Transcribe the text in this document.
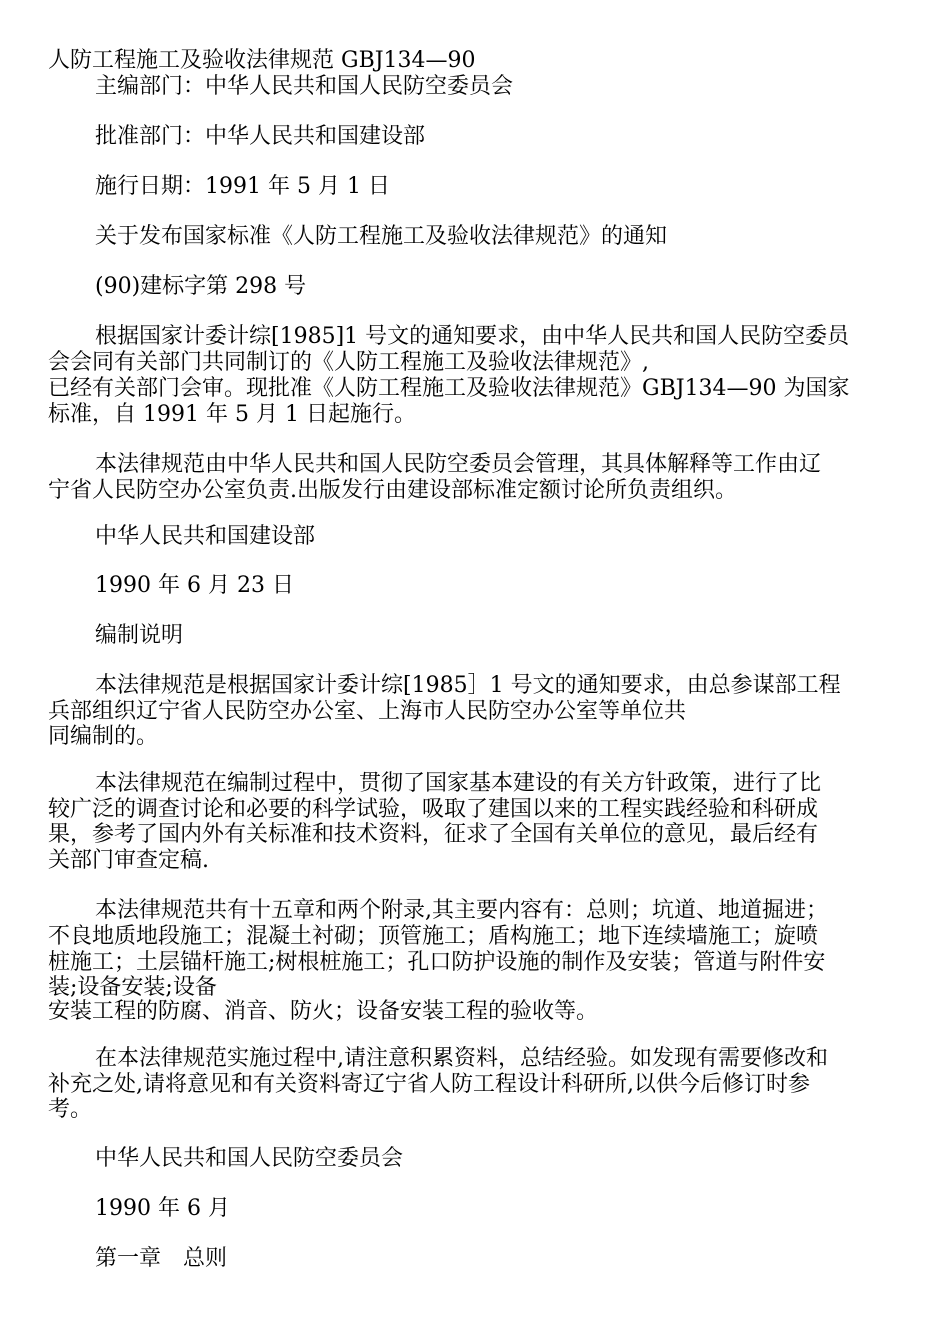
人防工程施工及验收法律规范 GBJ134—90

主编部门：中华人民共和国人民防空委员会

批准部门：中华人民共和国建设部

施行日期：1991 年 5 月 1 日

关于发布国家标准《人防工程施工及验收法律规范》的通知

(90)建标字第 298 号

根据国家计委计综[1985]1 号文的通知要求，由中华人民共和国人民防空委员

会会同有关部门共同制订的《人防工程施工及验收法律规范》,

已经有关部门会审。现批准《人防工程施工及验收法律规范》GBJ134—90 为国家

标准，自 1991 年 5 月 1 日起施行。

本法律规范由中华人民共和国人民防空委员会管理，其具体解释等工作由辽

宁省人民防空办公室负责.出版发行由建设部标准定额讨论所负责组织。

中华人民共和国建设部

1990 年 6 月 23 日

编制说明

本法律规范是根据国家计委计综[1985］1 号文的通知要求，由总参谋部工程

兵部组织辽宁省人民防空办公室、上海市人民防空办公室等单位共

同编制的。

本法律规范在编制过程中，贯彻了国家基本建设的有关方针政策，进行了比

较广泛的调查讨论和必要的科学试验，吸取了建国以来的工程实践经验和科研成

果，参考了国内外有关标准和技术资料，征求了全国有关单位的意见，最后经有

关部门审查定稿.

本法律规范共有十五章和两个附录,其主要内容有：总则；坑道、地道掘进；

不良地质地段施工；混凝土衬砌；顶管施工；盾构施工；地下连续墙施工；旋喷

桩施工；土层锚杆施工;树根桩施工；孔口防护设施的制作及安装；管道与附件安

装;设备安装;设备

安装工程的防腐、消音、防火；设备安装工程的验收等。

在本法律规范实施过程中,请注意积累资料，总结经验。如发现有需要修改和

补充之处,请将意见和有关资料寄辽宁省人防工程设计科研所,以供今后修订时参

考。

中华人民共和国人民防空委员会

1990 年 6 月

第一章　总则
